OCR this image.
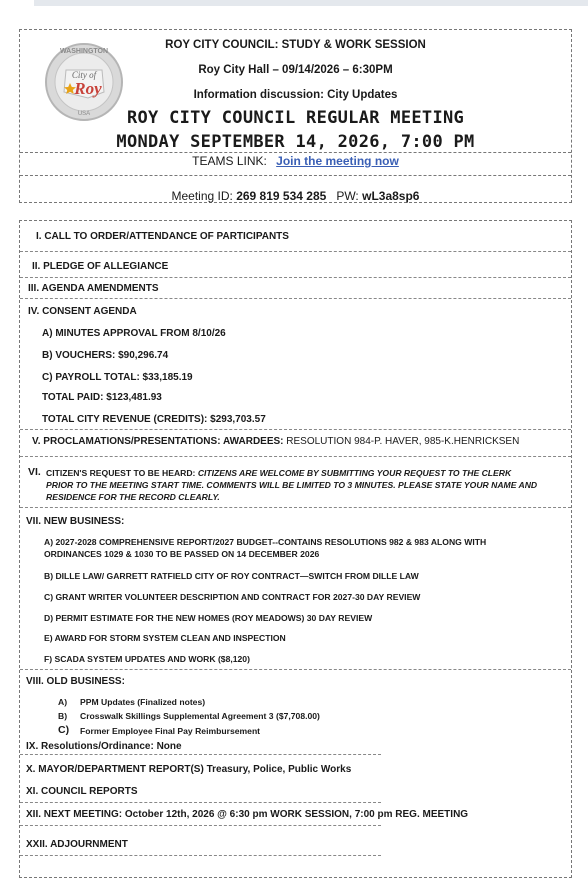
WASHINGTON
City of
Roy
USA
ROY CITY COUNCIL: STUDY & WORK SESSION
Roy City Hall – 09/14/2026 – 6:30PM
Information discussion: City Updates
ROY CITY COUNCIL REGULAR MEETING
MONDAY SEPTEMBER 14, 2026, 7:00 PM
TEAMS LINK: Join the meeting now
Meeting ID: 269 819 534 285 PW: wL3a8sp6
I. CALL TO ORDER/ATTENDANCE OF PARTICIPANTS
II. PLEDGE OF ALLEGIANCE
III. AGENDA AMENDMENTS
IV. CONSENT AGENDA
A) MINUTES APPROVAL FROM 8/10/26
B) VOUCHERS: $90,296.74
C) PAYROLL TOTAL: $33,185.19
TOTAL PAID: $123,481.93
TOTAL CITY REVENUE (CREDITS): $293,703.57
V. PROCLAMATIONS/PRESENTATIONS: AWARDEES: RESOLUTION 984-P. HAVER, 985-K.HENRICKSEN
VI. CITIZEN'S REQUEST TO BE HEARD: CITIZENS ARE WELCOME BY SUBMITTING YOUR REQUEST TO THE CLERK
PRIOR TO THE MEETING START TIME. COMMENTS WILL BE LIMITED TO 3 MINUTES. PLEASE STATE YOUR NAME AND
RESIDENCE FOR THE RECORD CLEARLY.
VII. NEW BUSINESS:
A) 2027-2028 COMPREHENSIVE REPORT/2027 BUDGET--CONTAINS RESOLUTIONS 982 & 983 ALONG WITH
ORDINANCES 1029 & 1030 TO BE PASSED ON 14 DECEMBER 2026
B) DILLE LAW/ GARRETT RATFIELD CITY OF ROY CONTRACT—SWITCH FROM DILLE LAW
C) GRANT WRITER VOLUNTEER DESCRIPTION AND CONTRACT FOR 2027-30 DAY REVIEW
D) PERMIT ESTIMATE FOR THE NEW HOMES (ROY MEADOWS) 30 DAY REVIEW
E) AWARD FOR STORM SYSTEM CLEAN AND INSPECTION
F) SCADA SYSTEM UPDATES AND WORK ($8,120)
VIII. OLD BUSINESS:
A) PPM Updates (Finalized notes)
B) Crosswalk Skillings Supplemental Agreement 3 ($7,708.00)
C) Former Employee Final Pay Reimbursement
IX. Resolutions/Ordinance: None
X. MAYOR/DEPARTMENT REPORT(S) Treasury, Police, Public Works
XI. COUNCIL REPORTS
XII. NEXT MEETING: October 12th, 2026 @ 6:30 pm WORK SESSION, 7:00 pm REG. MEETING
XXII. ADJOURNMENT
